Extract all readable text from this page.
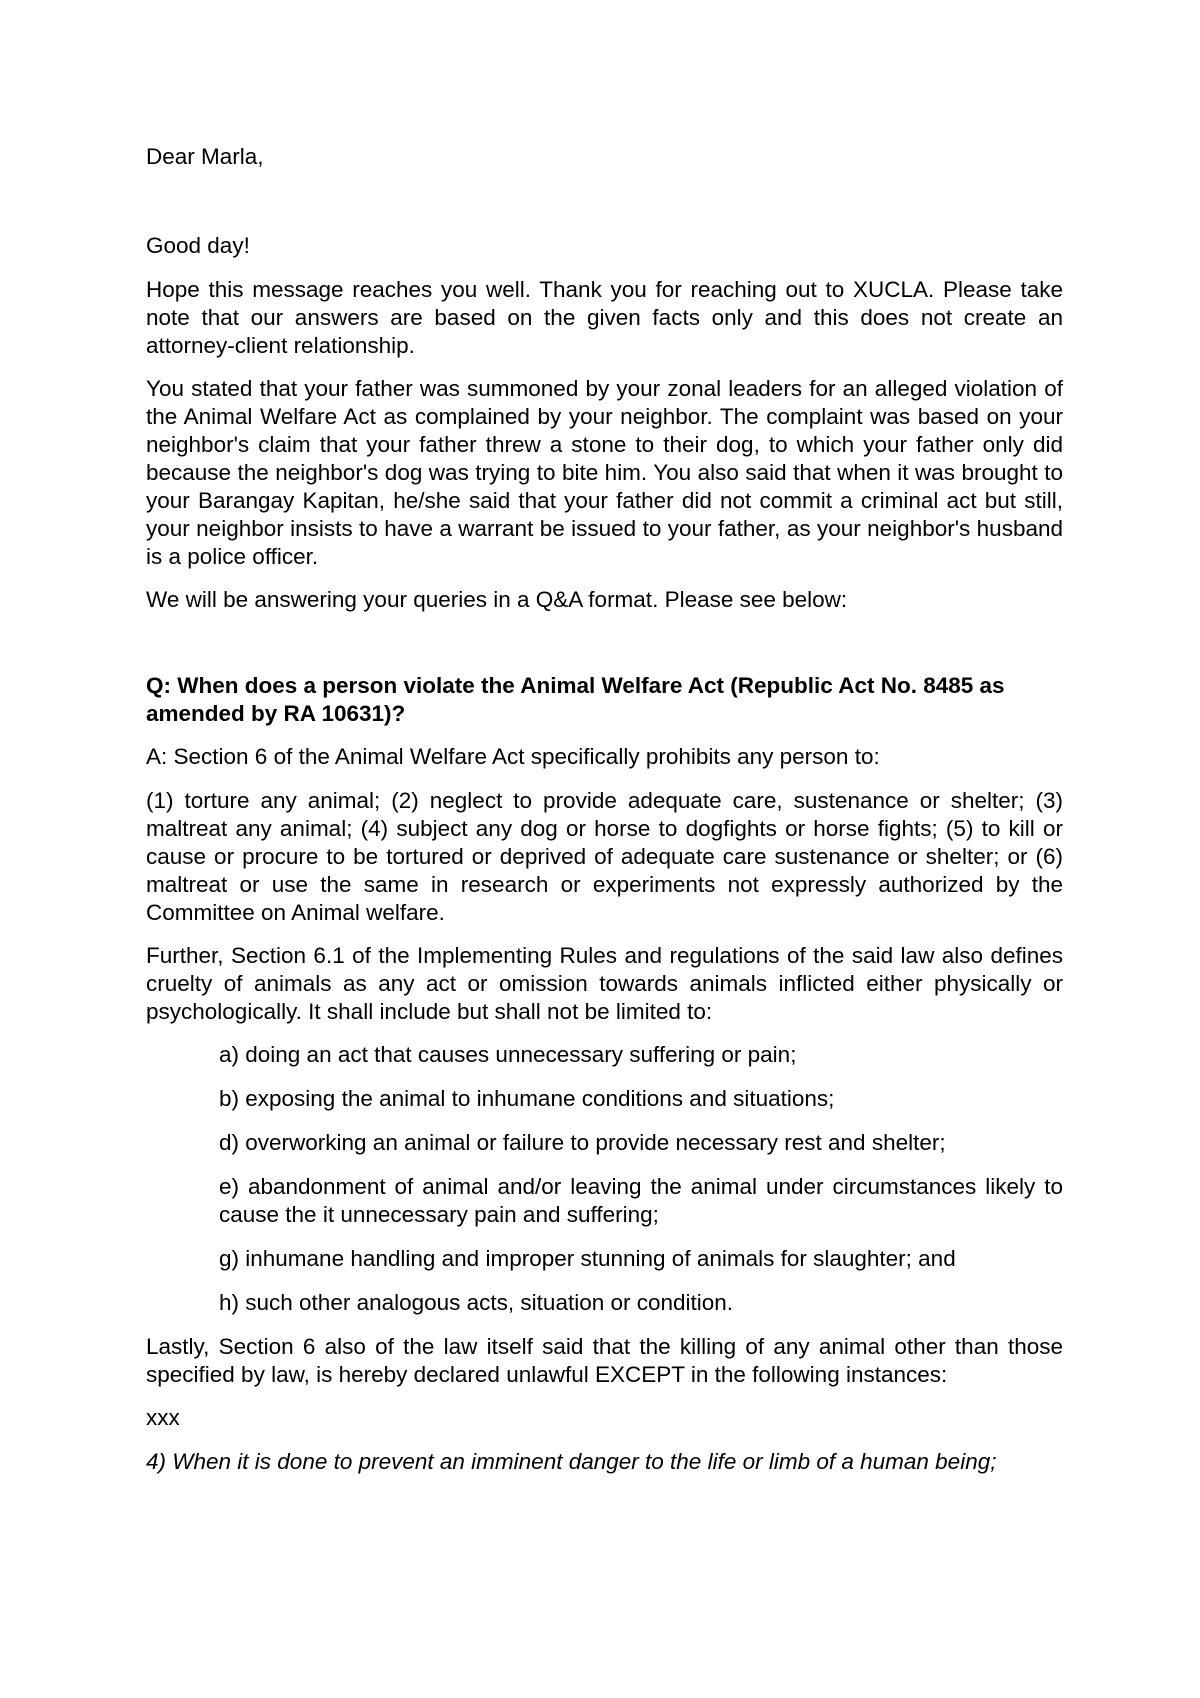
Dear Marla,

Good day!

Hope this message reaches you well. Thank you for reaching out to XUCLA. Please take note that our answers are based on the given facts only and this does not create an attorney-client relationship.

You stated that your father was summoned by your zonal leaders for an alleged violation of the Animal Welfare Act as complained by your neighbor. The complaint was based on your neighbor's claim that your father threw a stone to their dog, to which your father only did because the neighbor's dog was trying to bite him. You also said that when it was brought to your Barangay Kapitan, he/she said that your father did not commit a criminal act but still, your neighbor insists to have a warrant be issued to your father, as your neighbor's husband is a police officer.

We will be answering your queries in a Q&A format. Please see below:

Q: When does a person violate the Animal Welfare Act (Republic Act No. 8485 as amended by RA 10631)?

A: Section 6 of the Animal Welfare Act specifically prohibits any person to:

(1) torture any animal; (2) neglect to provide adequate care, sustenance or shelter; (3) maltreat any animal; (4) subject any dog or horse to dogfights or horse fights; (5) to kill or cause or procure to be tortured or deprived of adequate care sustenance or shelter; or (6) maltreat or use the same in research or experiments not expressly authorized by the Committee on Animal welfare.

Further, Section 6.1 of the Implementing Rules and regulations of the said law also defines cruelty of animals as any act or omission towards animals inflicted either physically or psychologically. It shall include but shall not be limited to:

a) doing an act that causes unnecessary suffering or pain;

b) exposing the animal to inhumane conditions and situations;

d) overworking an animal or failure to provide necessary rest and shelter;

e) abandonment of animal and/or leaving the animal under circumstances likely to cause the it unnecessary pain and suffering;

g) inhumane handling and improper stunning of animals for slaughter; and

h) such other analogous acts, situation or condition.

Lastly, Section 6 also of the law itself said that the killing of any animal other than those specified by law, is hereby declared unlawful EXCEPT in the following instances:

xxx

4) When it is done to prevent an imminent danger to the life or limb of a human being;
